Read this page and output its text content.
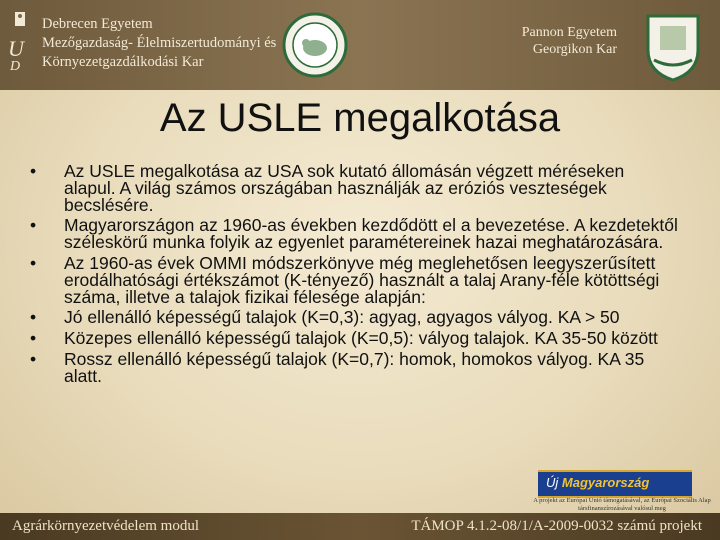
U
D
Debrecen Egyetem
Mezőgazdaság- Élelmiszertudományi és
Környezetgazdálkodási Kar
Pannon Egyetem
Georgikon Kar
Az USLE megalkotása
•	Az USLE megalkotása az USA sok kutató állomásán végzett méréseken alapul. A világ számos országában használják az eróziós veszteségek becslésére.
•	Magyarországon az 1960-as években kezdődött el a bevezetése. A kezdetektől széleskörű munka folyik az egyenlet paramétereinek hazai meghatározására.
•	Az 1960-as évek OMMI módszerkönyve még meglehetősen leegyszerűsített erodálhatósági értékszámot (K-tényező) használt a talaj Arany-féle kötöttségi száma, illetve a talajok fizikai félesége alapján:
•	Jó ellenálló képességű talajok (K=0,3): agyag, agyagos vályog. KA > 50
•	Közepes ellenálló képességű talajok (K=0,5): vályog talajok. KA 35-50 között
•	Rossz ellenálló képességű talajok (K=0,7): homok, homokos vályog. KA 35 alatt.
Új Magyarország
A projekt az Európai Unió támogatásával, az Európai Szociális Alap társfinanszírozásával valósul meg
Agrárkörnyezetvédelem modul	TÁMOP 4.1.2-08/1/A-2009-0032 számú projekt
